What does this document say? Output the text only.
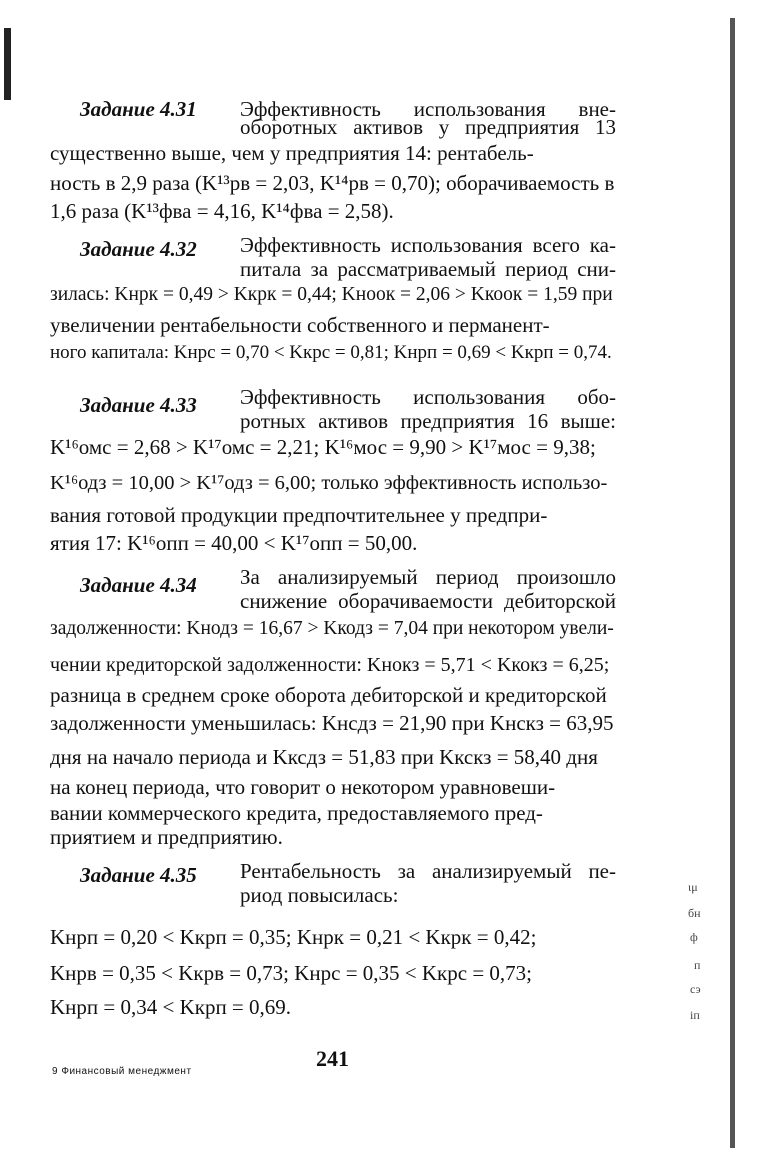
Задание 4.31 Эффективность использования вне-
оборотных активов у предприятия 13
существенно выше, чем у предприятия 14: рентабель-
ность в 2,9 раза (K¹³рв = 2,03, K¹⁴рв = 0,70); оборачиваемость в
1,6 раза (K¹³фва = 4,16, K¹⁴фва = 2,58).
Задание 4.32 Эффективность использования всего ка-
питала за рассматриваемый период сни-
зилась: Kнрк = 0,49 > Kкрк = 0,44; Kноок = 2,06 > Kкоок = 1,59 при
увеличении рентабельности собственного и перманент-
ного капитала: Kнрс = 0,70 < Kкрс = 0,81; Kнрп = 0,69 < Kкрп = 0,74.
Задание 4.33 Эффективность использования обо-
ротных активов предприятия 16 выше:
K¹⁶омс = 2,68 > K¹⁷омс = 2,21; K¹⁶мос = 9,90 > K¹⁷мос = 9,38;
K¹⁶одз = 10,00 > K¹⁷одз = 6,00; только эффективность использо-
вания готовой продукции предпочтительнее у предпри-
ятия 17: K¹⁶опп = 40,00 < K¹⁷опп = 50,00.
Задание 4.34 За анализируемый период произошло
снижение оборачиваемости дебиторской
задолженности: Kнодз = 16,67 > Kкодз = 7,04 при некотором увели-
чении кредиторской задолженности: Kнокз = 5,71 < Kкокз = 6,25;
разница в среднем сроке оборота дебиторской и кредиторской
задолженности уменьшилась: Kнсдз = 21,90 при Kнскз = 63,95
дня на начало периода и Kксдз = 51,83 при Kкскз = 58,40 дня
на конец периода, что говорит о некотором уравновеши-
вании коммерческого кредита, предоставляемого пред-
приятием и предприятию.
Задание 4.35 Рентабельность за анализируемый пе-
риод повысилась:
Kнрп = 0,20 < Kкрп = 0,35; Kнрк = 0,21 < Kкрк = 0,42;
Kнрв = 0,35 < Kкрв = 0,73; Kнрс = 0,35 < Kкрс = 0,73;
Kнрп = 0,34 < Kкрп = 0,69.
ιμ
бн
ф
п
сэ
іп
241
9 Финансовый менеджмент
